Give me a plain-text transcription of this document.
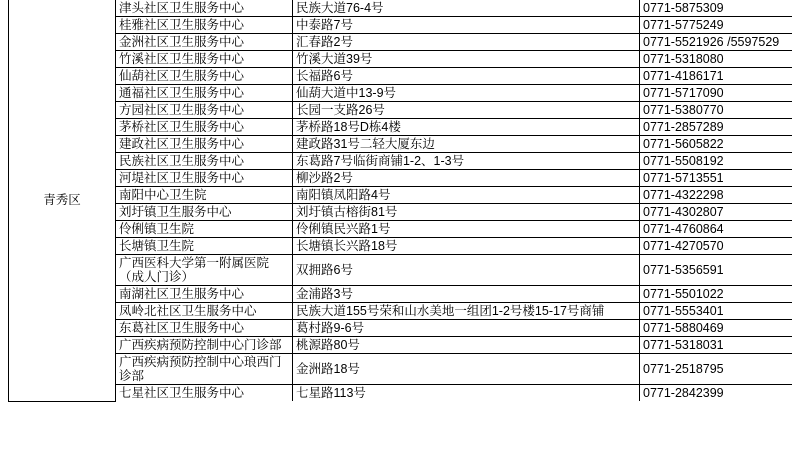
青秀区	津头社区卫生服务中心	民族大道76-4号	0771-5875309
	桂雅社区卫生服务中心	中泰路7号	0771-5775249
	金洲社区卫生服务中心	汇春路2号	0771-5521926 /5597529
	竹溪社区卫生服务中心	竹溪大道39号	0771-5318080
	仙葫社区卫生服务中心	长福路6号	0771-4186171
	通福社区卫生服务中心	仙葫大道中13-9号	0771-5717090
	方园社区卫生服务中心	长园一支路26号	0771-5380770
	茅桥社区卫生服务中心	茅桥路18号D栋4楼	0771-2857289
	建政社区卫生服务中心	建政路31号二轻大厦东边	0771-5605822
	民族社区卫生服务中心	东葛路7号临街商铺1-2、1-3号	0771-5508192
	河堤社区卫生服务中心	柳沙路2号	0771-5713551
	南阳中心卫生院	南阳镇凤阳路4号	0771-4322298
	刘圩镇卫生服务中心	刘圩镇古榕街81号	0771-4302807
	伶俐镇卫生院	伶俐镇民兴路1号	0771-4760864
	长塘镇卫生院	长塘镇长兴路18号	0771-4270570
	广西医科大学第一附属医院（成人门诊）	双拥路6号	0771-5356591
	南湖社区卫生服务中心	金浦路3号	0771-5501022
	凤岭北社区卫生服务中心	民族大道155号荣和山水美地一组团1-2号楼15-17号商铺	0771-5553401
	东葛社区卫生服务中心	葛村路9-6号	0771-5880469
	广西疾病预防控制中心门诊部	桃源路80号	0771-5318031
	广西疾病预防控制中心琅西门诊部	金洲路18号	0771-2518795
	七星社区卫生服务中心	七星路113号	0771-2842399
